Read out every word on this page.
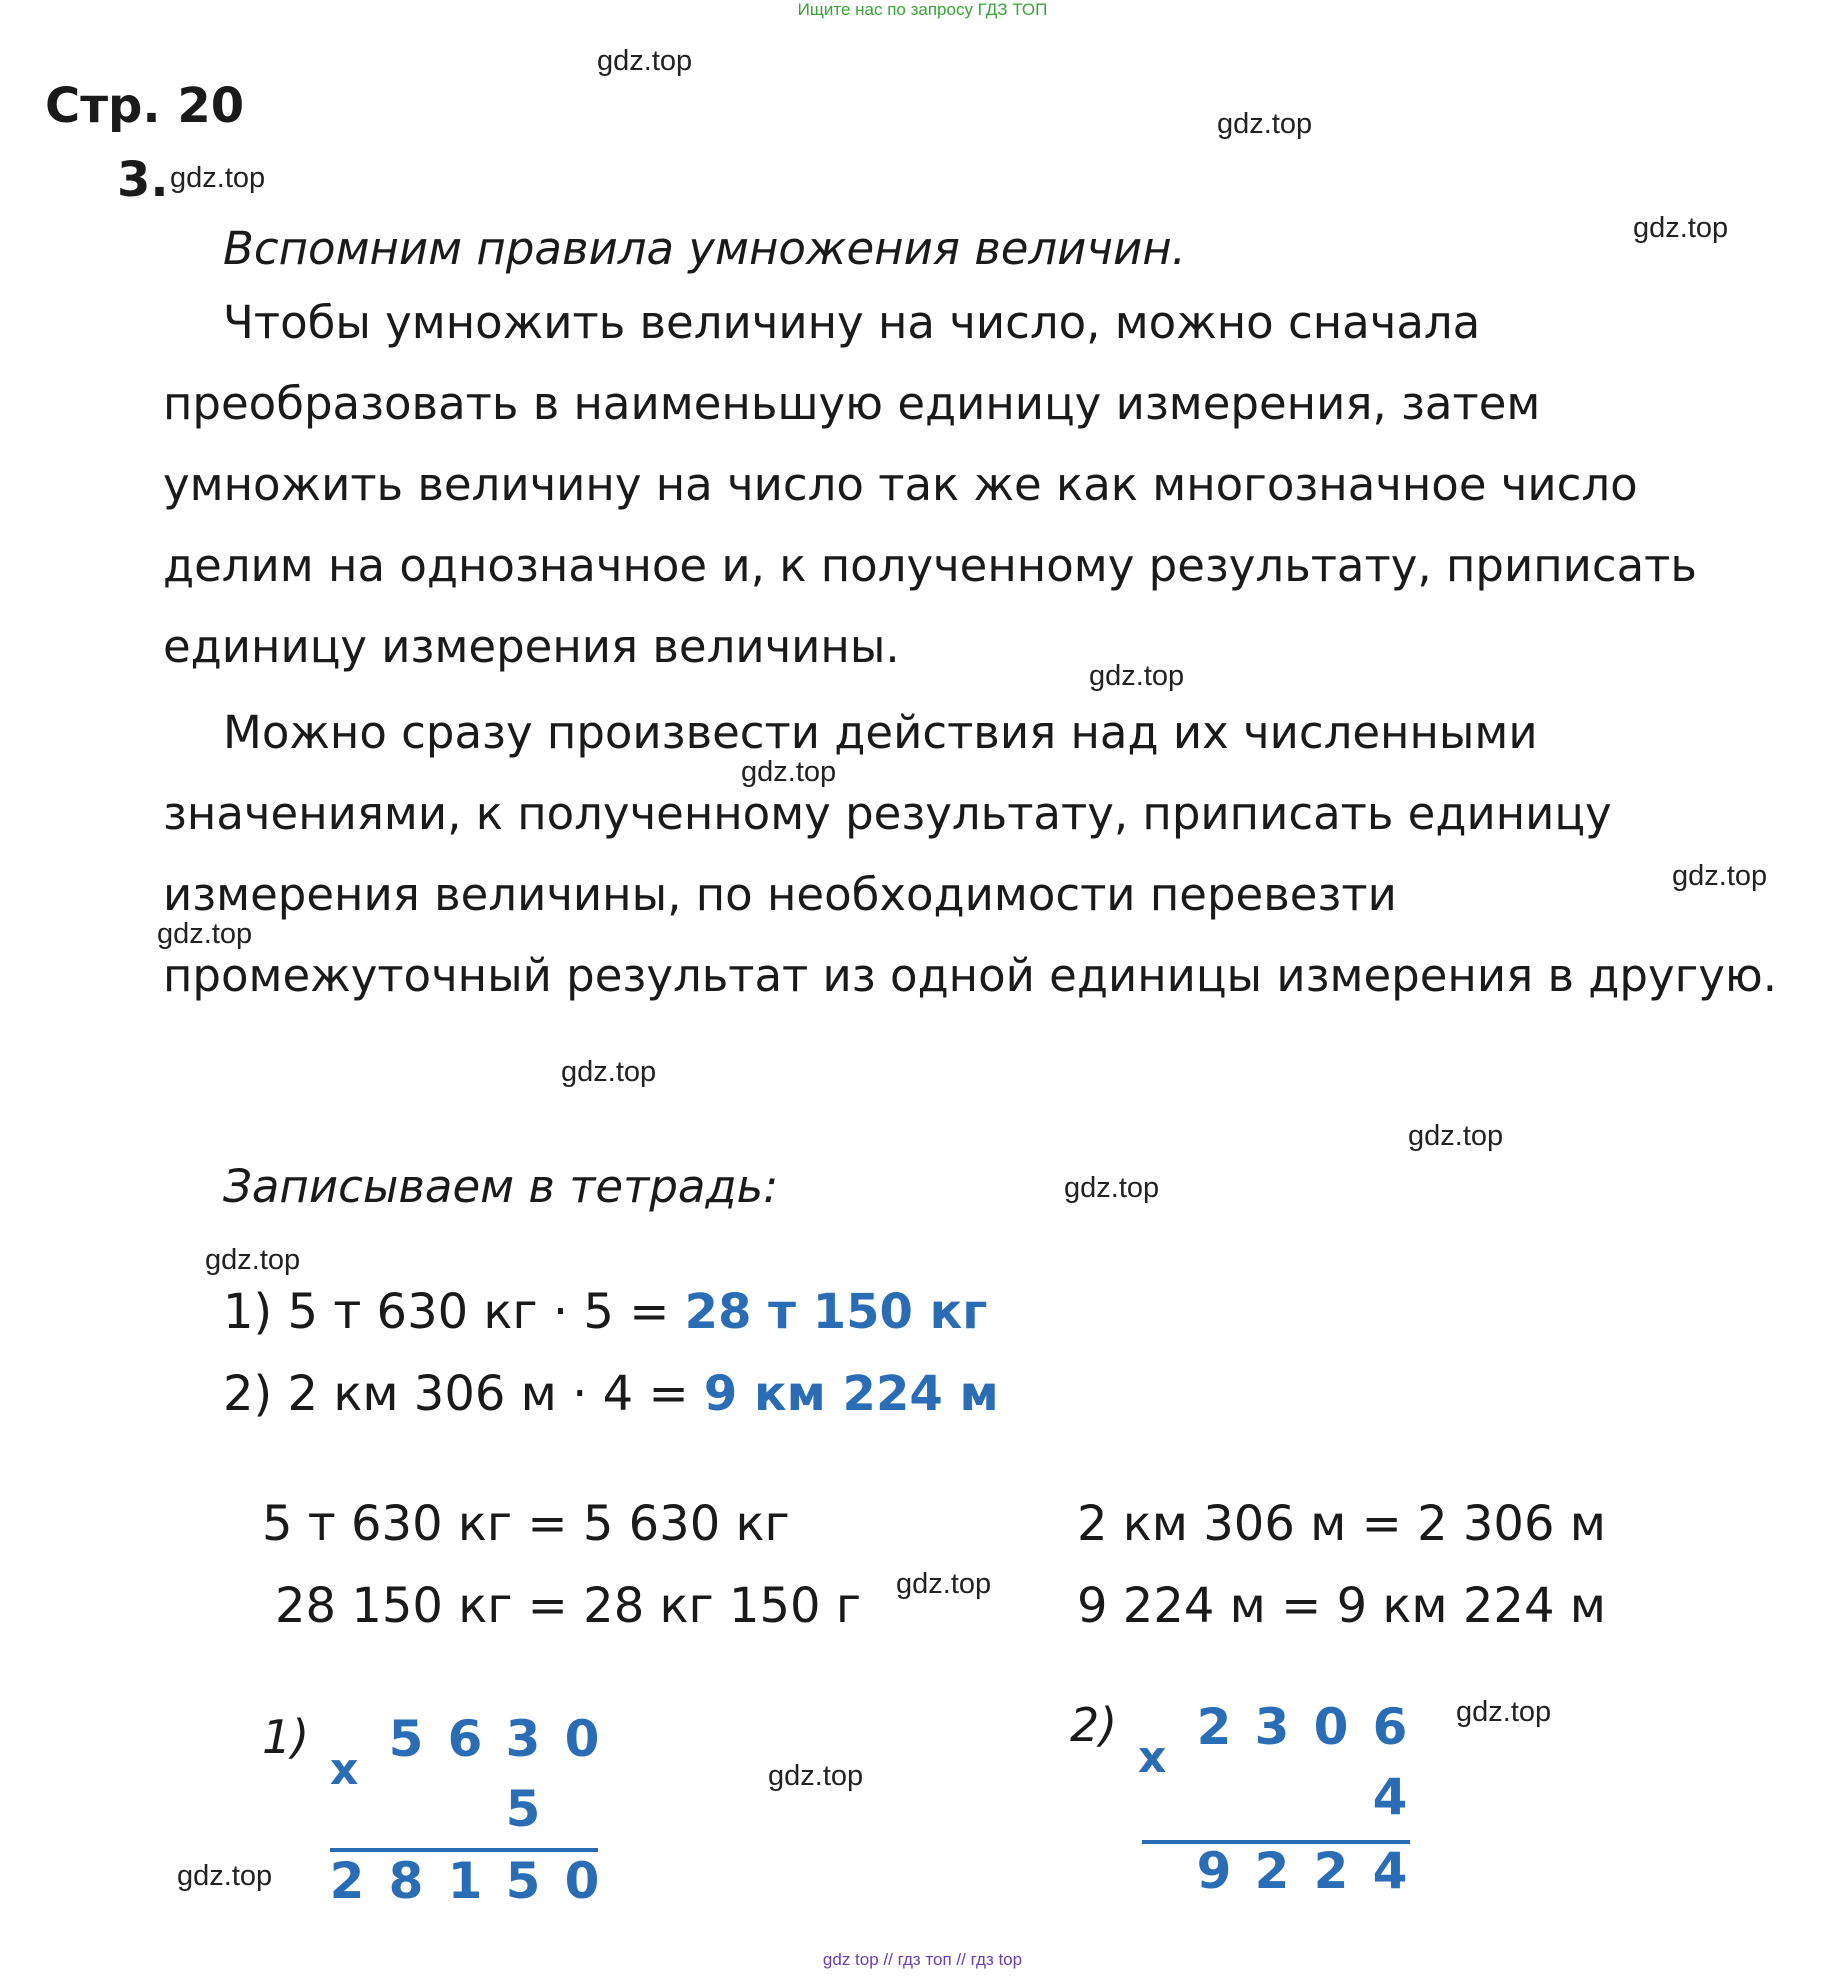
Ищите нас по запросу ГДЗ ТОП
gdz.top
gdz.top
gdz.top
gdz.top
gdz.top
gdz.top
gdz.top
gdz.top
gdz.top
gdz.top
gdz.top
gdz.top
gdz.top
gdz.top
gdz.top
gdz.top
Стр. 20
3.
Вспомним правила умножения величин.

Чтобы умножить величину на число, можно сначала преобразовать в наименьшую единицу измерения, затем умножить величину на число так же как многозначное число делим на однозначное и, к полученному результату, приписать единицу измерения величины.

Можно сразу произвести действия над их численными значениями, к полученному результату, приписать единицу измерения величины, по необходимости перевезти промежуточный результат из одной единицы измерения в другую.

Записываем в тетрадь:
1) 5 т 630 кг · 5 = 28 т 150 кг
2) 2 км 306 м · 4 = 9 км 224 м
5 т 630 кг = 5 630 кг
28 150 кг = 28 кг 150 г
2 км 306 м = 2 306 м
9 224 м = 9 км 224 м
1)
x
5 6 3 0
5
2 8 1 5 0
2)
x
2 3 0 6
4
9 2 2 4
gdz top // гдз топ // гдз top
